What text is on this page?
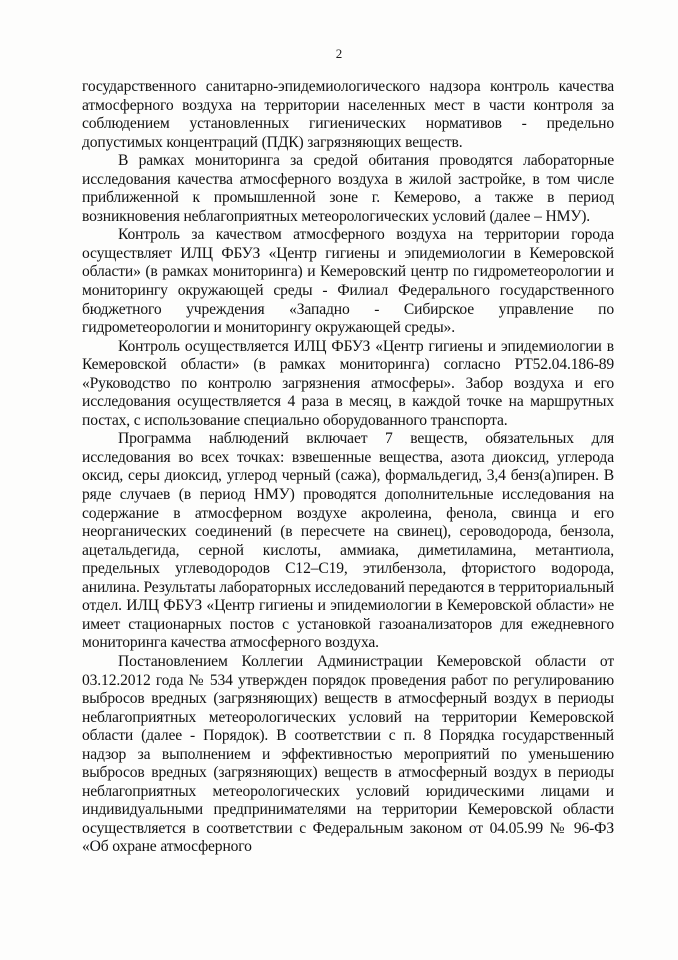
2

государственного санитарно-эпидемиологического надзора контроль качества атмосферного воздуха на территории населенных мест в части контроля за соблюдением установленных гигиенических нормативов - предельно допустимых концентраций (ПДК) загрязняющих веществ.

В рамках мониторинга за средой обитания проводятся лабораторные исследования качества атмосферного воздуха в жилой застройке, в том числе приближенной к промышленной зоне г. Кемерово, а также в период возникновения неблагоприятных метеорологических условий (далее – НМУ).

Контроль за качеством атмосферного воздуха на территории города осуществляет ИЛЦ ФБУЗ «Центр гигиены и эпидемиологии в Кемеровской области» (в рамках мониторинга) и Кемеровский центр по гидрометеорологии и мониторингу окружающей среды - Филиал Федерального государственного бюджетного учреждения «Западно - Сибирское управление по гидрометеорологии и мониторингу окружающей среды».

Контроль осуществляется ИЛЦ ФБУЗ «Центр гигиены и эпидемиологии в Кемеровской области» (в рамках мониторинга) согласно РТ52.04.186-89 «Руководство по контролю загрязнения атмосферы». Забор воздуха и его исследования осуществляется 4 раза в месяц, в каждой точке на маршрутных постах, с использование специально оборудованного транспорта.

Программа наблюдений включает 7 веществ, обязательных для исследования во всех точках: взвешенные вещества, азота диоксид, углерода оксид, серы диоксид, углерод черный (сажа), формальдегид, 3,4 бенз(а)пирен. В ряде случаев (в период НМУ) проводятся дополнительные исследования на содержание в атмосферном воздухе акролеина, фенола, свинца и его неорганических соединений (в пересчете на свинец), сероводорода, бензола, ацетальдегида, серной кислоты, аммиака, диметиламина, метантиола, предельных углеводородов С12–С19, этилбензола, фтористого водорода, анилина. Результаты лабораторных исследований передаются в территориальный отдел. ИЛЦ ФБУЗ «Центр гигиены и эпидемиологии в Кемеровской области» не имеет стационарных постов с установкой газоанализаторов для ежедневного мониторинга качества атмосферного воздуха.

Постановлением Коллегии Администрации Кемеровской области от 03.12.2012 года № 534 утвержден порядок проведения работ по регулированию выбросов вредных (загрязняющих) веществ в атмосферный воздух в периоды неблагоприятных метеорологических условий на территории Кемеровской области (далее - Порядок). В соответствии с п. 8 Порядка государственный надзор за выполнением и эффективностью мероприятий по уменьшению выбросов вредных (загрязняющих) веществ в атмосферный воздух в периоды неблагоприятных метеорологических условий юридическими лицами и индивидуальными предпринимателями на территории Кемеровской области осуществляется в соответствии с Федеральным законом от 04.05.99 № 96-ФЗ «Об охране атмосферного
